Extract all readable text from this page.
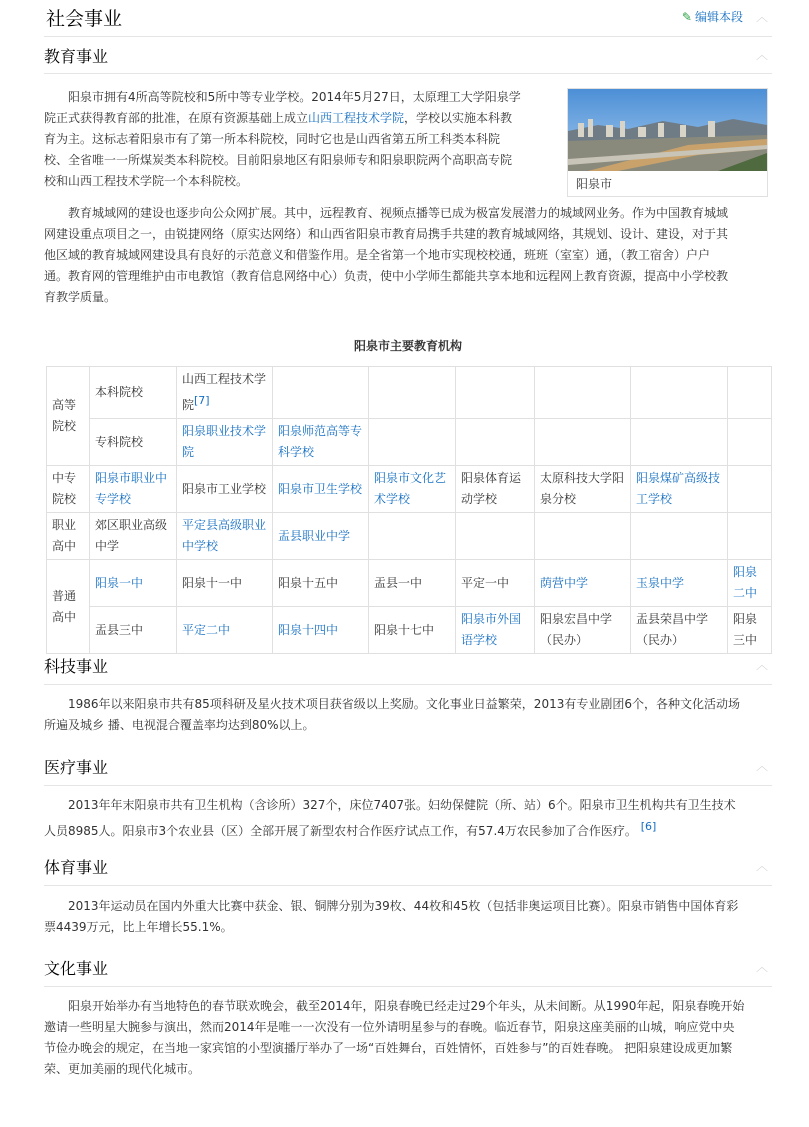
社会事业	✎ 编辑本段 ︿
教育事业	︿
阳泉市拥有4所高等院校和5所中等专业学校。2014年5月27日，太原理工大学阳泉学
院正式获得教育部的批准，在原有资源基础上成立山西工程技术学院，学校以实施本科教
育为主。这标志着阳泉市有了第一所本科院校，同时它也是山西省第五所工科类本科院
校、全省唯一一所煤炭类本科院校。目前阳泉地区有阳泉师专和阳泉职院两个高职高专院
校和山西工程技术学院一个本科院校。	阳泉市
教育城域网的建设也逐步向公众网扩展。其中，远程教育、视频点播等已成为极富发展潜力的城域网业务。作为中国教育城域
网建设重点项目之一，由锐捷网络（原实达网络）和山西省阳泉市教育局携手共建的教育城域网络，其规划、设计、建设，对于其
他区域的教育城域网建设具有良好的示范意义和借鉴作用。是全省第一个地市实现校校通，班班（室室）通，（教工宿舍）户户
通。教育网的管理维护由市电教馆（教育信息网络中心）负责，使中小学师生都能共享本地和远程网上教育资源，提高中小学校教
育教学质量。
阳泉市主要教育机构
高等院校	本科院校	山西工程技术学院[7]						
	专科院校	阳泉职业技术学院	阳泉师范高等专科学校					
中专院校	阳泉市职业中专学校	阳泉市工业学校	阳泉市卫生学校	阳泉市文化艺术学校	阳泉体育运动学校	太原科技大学阳泉分校	阳泉煤矿高级技工学校	
职业高中	郊区职业高级中学	平定县高级职业中学校	盂县职业中学					
普通高中	阳泉一中	阳泉十一中	阳泉十五中	盂县一中	平定一中	荫营中学	玉泉中学	阳泉二中
	盂县三中	平定二中	阳泉十四中	阳泉十七中	阳泉市外国语学校	阳泉宏昌中学（民办）	盂县荣昌中学（民办）	阳泉三中
科技事业	︿
1986年以来阳泉市共有85项科研及星火技术项目获省级以上奖励。文化事业日益繁荣，2013有专业剧团6个，各种文化活动场
所遍及城乡 播、电视混合覆盖率均达到80%以上。
医疗事业	︿
2013年年末阳泉市共有卫生机构（含诊所）327个，床位7407张。妇幼保健院（所、站）6个。阳泉市卫生机构共有卫生技术
人员8985人。阳泉市3个农业县（区）全部开展了新型农村合作医疗试点工作，有57.4万农民参加了合作医疗。 [6]
体育事业	︿
2013年运动员在国内外重大比赛中获金、银、铜牌分别为39枚、44枚和45枚（包括非奥运项目比赛）。阳泉市销售中国体育彩
票4439万元，比上年增长55.1%。
文化事业	︿
阳泉开始举办有当地特色的春节联欢晚会，截至2014年，阳泉春晚已经走过29个年头，从未间断。从1990年起，阳泉春晚开始
邀请一些明星大腕参与演出，然而2014年是唯一一次没有一位外请明星参与的春晚。临近春节，阳泉这座美丽的山城，响应党中央
节俭办晚会的规定，在当地一家宾馆的小型演播厅举办了一场“百姓舞台，百姓情怀，百姓参与”的百姓春晚。 把阳泉建设成更加繁
荣、更加美丽的现代化城市。
